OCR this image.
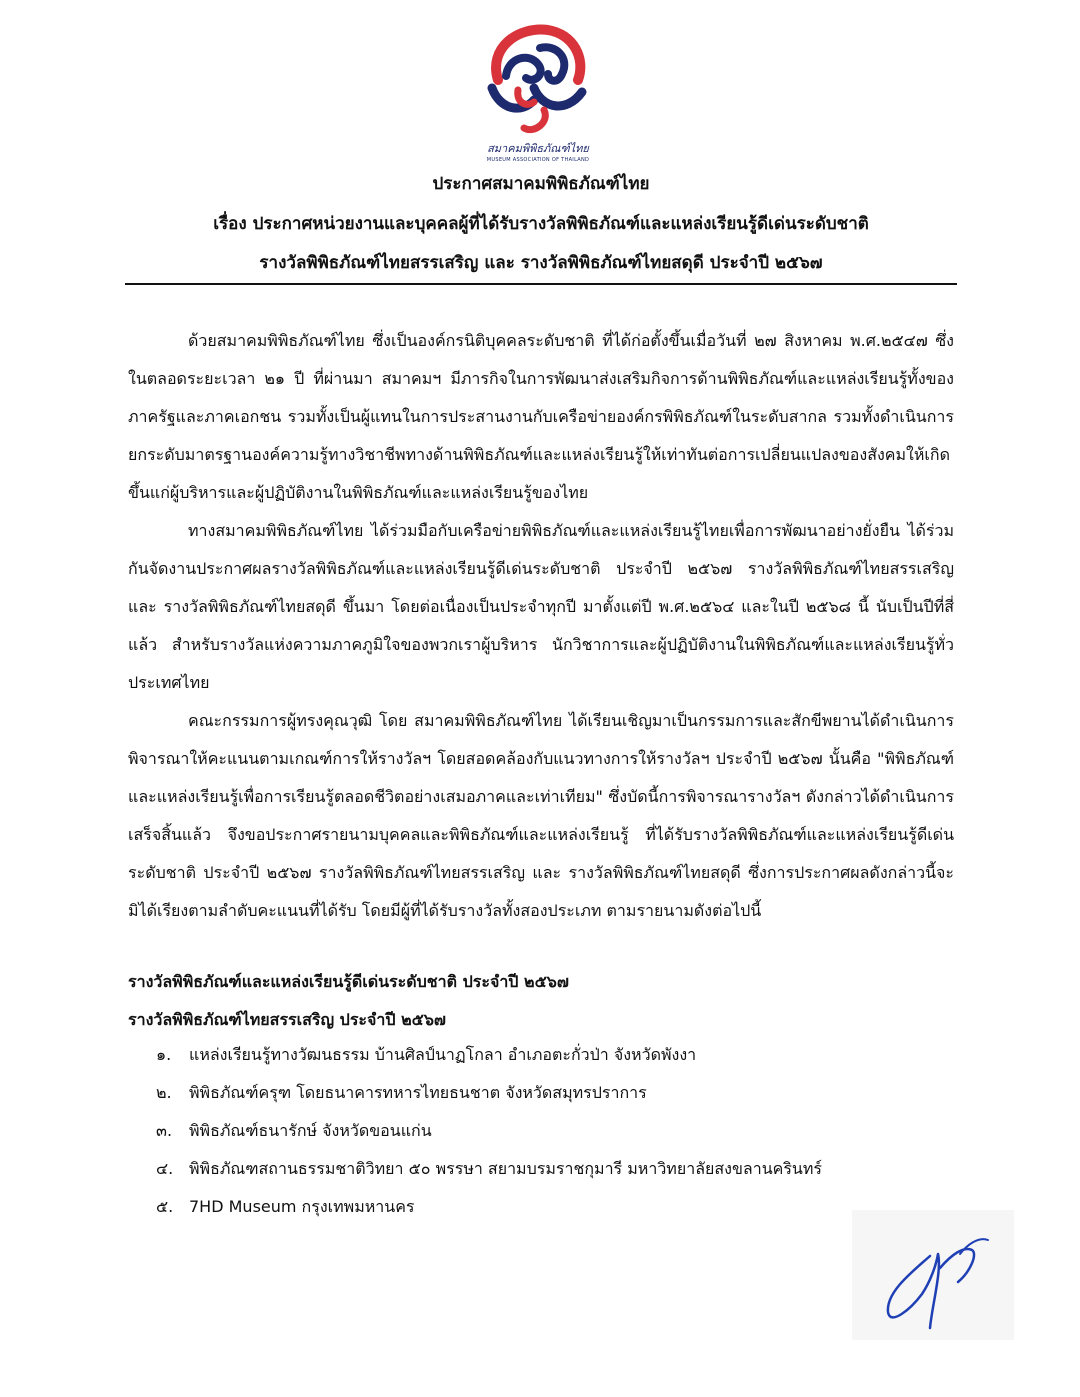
สมาคมพิพิธภัณฑ์ไทย
MUSEUM ASSOCIATION OF THAILAND
ประกาศสมาคมพิพิธภัณฑ์ไทย
เรื่อง ประกาศหน่วยงานและบุคคลผู้ที่ได้รับรางวัลพิพิธภัณฑ์และแหล่งเรียนรู้ดีเด่นระดับชาติ
รางวัลพิพิธภัณฑ์ไทยสรรเสริญ และ รางวัลพิพิธภัณฑ์ไทยสดุดี ประจำปี ๒๕๖๗
ด้วยสมาคมพิพิธภัณฑ์ไทย ซึ่งเป็นองค์กรนิติบุคคลระดับชาติ ที่ได้ก่อตั้งขึ้นเมื่อวันที่ ๒๗ สิงหาคม พ.ศ.๒๕๔๗ ซึ่งในตลอดระยะเวลา ๒๑ ปี ที่ผ่านมา สมาคมฯ มีภารกิจในการพัฒนาส่งเสริมกิจการด้านพิพิธภัณฑ์และแหล่งเรียนรู้ทั้งของภาครัฐและภาคเอกชน รวมทั้งเป็นผู้แทนในการประสานงานกับเครือข่ายองค์กรพิพิธภัณฑ์ในระดับสากล รวมทั้งดำเนินการยกระดับมาตรฐานองค์ความรู้ทางวิชาชีพทางด้านพิพิธภัณฑ์และแหล่งเรียนรู้ให้เท่าทันต่อการเปลี่ยนแปลงของสังคมให้เกิดขึ้นแก่ผู้บริหารและผู้ปฏิบัติงานในพิพิธภัณฑ์และแหล่งเรียนรู้ของไทย
ทางสมาคมพิพิธภัณฑ์ไทย ได้ร่วมมือกับเครือข่ายพิพิธภัณฑ์และแหล่งเรียนรู้ไทยเพื่อการพัฒนาอย่างยั่งยืน ได้ร่วมกันจัดงานประกาศผลรางวัลพิพิธภัณฑ์และแหล่งเรียนรู้ดีเด่นระดับชาติ ประจำปี ๒๕๖๗ รางวัลพิพิธภัณฑ์ไทยสรรเสริญ และ รางวัลพิพิธภัณฑ์ไทยสดุดี ขึ้นมา โดยต่อเนื่องเป็นประจำทุกปี มาตั้งแต่ปี พ.ศ.๒๕๖๔ และในปี ๒๕๖๘ นี้ นับเป็นปีที่สี่แล้ว สำหรับรางวัลแห่งความภาคภูมิใจของพวกเราผู้บริหาร นักวิชาการและผู้ปฏิบัติงานในพิพิธภัณฑ์และแหล่งเรียนรู้ทั่วประเทศไทย
คณะกรรมการผู้ทรงคุณวุฒิ โดย สมาคมพิพิธภัณฑ์ไทย ได้เรียนเชิญมาเป็นกรรมการและสักขีพยานได้ดำเนินการพิจารณาให้คะแนนตามเกณฑ์การให้รางวัลฯ โดยสอดคล้องกับแนวทางการให้รางวัลฯ ประจำปี ๒๕๖๗ นั้นคือ "พิพิธภัณฑ์และแหล่งเรียนรู้เพื่อการเรียนรู้ตลอดชีวิตอย่างเสมอภาคและเท่าเทียม" ซึ่งบัดนี้การพิจารณารางวัลฯ ดังกล่าวได้ดำเนินการเสร็จสิ้นแล้ว จึงขอประกาศรายนามบุคคลและพิพิธภัณฑ์และแหล่งเรียนรู้ ที่ได้รับรางวัลพิพิธภัณฑ์และแหล่งเรียนรู้ดีเด่นระดับชาติ ประจำปี ๒๕๖๗ รางวัลพิพิธภัณฑ์ไทยสรรเสริญ และ รางวัลพิพิธภัณฑ์ไทยสดุดี ซึ่งการประกาศผลดังกล่าวนี้จะมิได้เรียงตามลำดับคะแนนที่ได้รับ โดยมีผู้ที่ได้รับรางวัลทั้งสองประเภท ตามรายนามดังต่อไปนี้
รางวัลพิพิธภัณฑ์และแหล่งเรียนรู้ดีเด่นระดับชาติ ประจำปี ๒๕๖๗
รางวัลพิพิธภัณฑ์ไทยสรรเสริญ ประจำปี ๒๕๖๗
๑. แหล่งเรียนรู้ทางวัฒนธรรม บ้านศิลป์นาฏโกลา อำเภอตะกั่วป่า จังหวัดพังงา
๒. พิพิธภัณฑ์ครุฑ โดยธนาคารทหารไทยธนชาต จังหวัดสมุทรปราการ
๓. พิพิธภัณฑ์ธนารักษ์ จังหวัดขอนแก่น
๔. พิพิธภัณฑสถานธรรมชาติวิทยา ๕๐ พรรษา สยามบรมราชกุมารี มหาวิทยาลัยสงขลานครินทร์
๕. 7HD Museum กรุงเทพมหานคร
